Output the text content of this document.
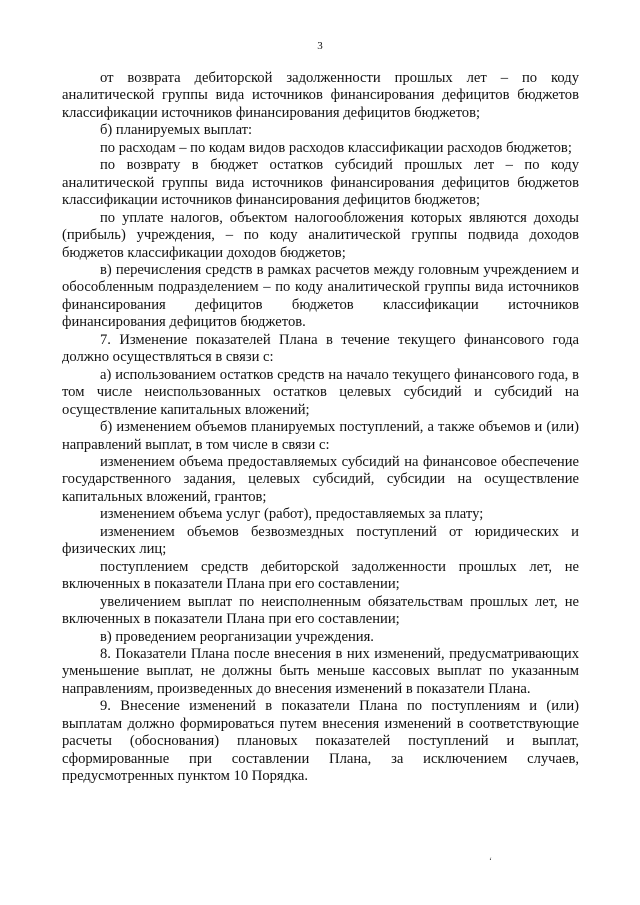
3

от возврата дебиторской задолженности прошлых лет – по коду аналитической группы вида источников финансирования дефицитов бюджетов классификации источников финансирования дефицитов бюджетов;

б) планируемых выплат:

по расходам – по кодам видов расходов классификации расходов бюджетов;

по возврату в бюджет остатков субсидий прошлых лет – по коду аналитической группы вида источников финансирования дефицитов бюджетов классификации источников финансирования дефицитов бюджетов;

по уплате налогов, объектом налогообложения которых являются доходы (прибыль) учреждения, – по коду аналитической группы подвида доходов бюджетов классификации доходов бюджетов;

в) перечисления средств в рамках расчетов между головным учреждением и обособленным подразделением – по коду аналитической группы вида источников финансирования дефицитов бюджетов классификации источников финансирования дефицитов бюджетов.

7. Изменение показателей Плана в течение текущего финансового года должно осуществляться в связи с:

а) использованием остатков средств на начало текущего финансового года, в том числе неиспользованных остатков целевых субсидий и субсидий на осуществление капитальных вложений;

б) изменением объемов планируемых поступлений, а также объемов и (или) направлений выплат, в том числе в связи с:

изменением объема предоставляемых субсидий на финансовое обеспечение государственного задания, целевых субсидий, субсидии на осуществление капитальных вложений, грантов;

изменением объема услуг (работ), предоставляемых за плату;

изменением объемов безвозмездных поступлений от юридических и физических лиц;

поступлением средств дебиторской задолженности прошлых лет, не включенных в показатели Плана при его составлении;

увеличением выплат по неисполненным обязательствам прошлых лет, не включенных в показатели Плана при его составлении;

в) проведением реорганизации учреждения.

8. Показатели Плана после внесения в них изменений, предусматривающих уменьшение выплат, не должны быть меньше кассовых выплат по указанным направлениям, произведенных до внесения изменений в показатели Плана.

9. Внесение изменений в показатели Плана по поступлениям и (или) выплатам должно формироваться путем внесения изменений в соответствующие расчеты (обоснования) плановых показателей поступлений и выплат, сформированные при составлении Плана, за исключением случаев, предусмотренных пунктом 10 Порядка.

ʻ
